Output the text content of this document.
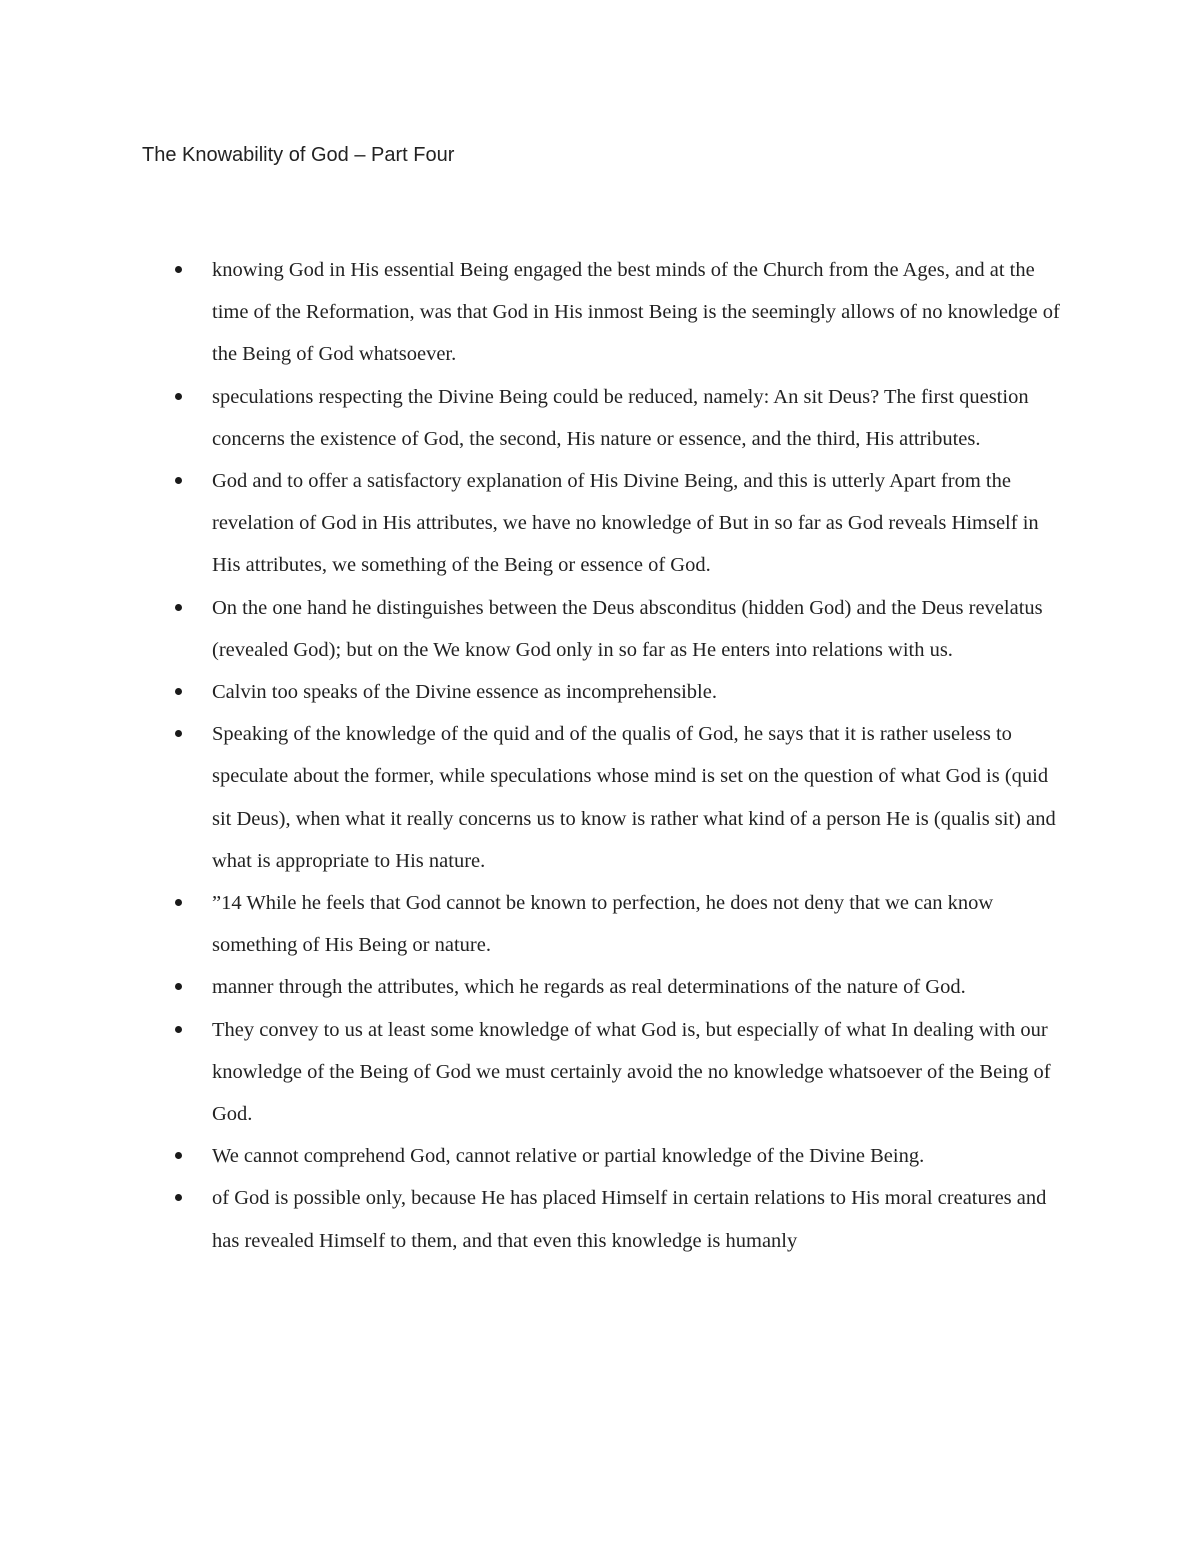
The Knowability of God – Part Four
knowing God in His essential Being engaged the best minds of the Church from the Ages, and at the time of the Reformation, was that God in His inmost Being is the seemingly allows of no knowledge of the Being of God whatsoever.
speculations respecting the Divine Being could be reduced, namely: An sit Deus? The first question concerns the existence of God, the second, His nature or essence, and the third, His attributes.
God and to offer a satisfactory explanation of His Divine Being, and this is utterly Apart from the revelation of God in His attributes, we have no knowledge of But in so far as God reveals Himself in His attributes, we something of the Being or essence of God.
On the one hand he distinguishes between the Deus absconditus (hidden God) and the Deus revelatus (revealed God); but on the We know God only in so far as He enters into relations with us.
Calvin too speaks of the Divine essence as incomprehensible.
Speaking of the knowledge of the quid and of the qualis of God, he says that it is rather useless to speculate about the former, while speculations whose mind is set on the question of what God is (quid sit Deus), when what it really concerns us to know is rather what kind of a person He is (qualis sit) and what is appropriate to His nature.
”14 While he feels that God cannot be known to perfection, he does not deny that we can know something of His Being or nature.
manner through the attributes, which he regards as real determinations of the nature of God.
They convey to us at least some knowledge of what God is, but especially of what In dealing with our knowledge of the Being of God we must certainly avoid the no knowledge whatsoever of the Being of God.
We cannot comprehend God, cannot relative or partial knowledge of the Divine Being.
of God is possible only, because He has placed Himself in certain relations to His moral creatures and has revealed Himself to them, and that even this knowledge is humanly
